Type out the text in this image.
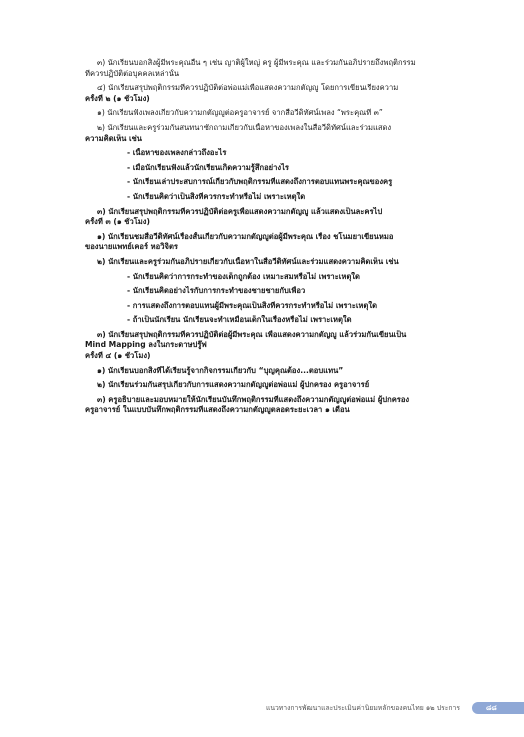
๓) นักเรียนบอกสิ่งผู้มีพระคุณอื่น ๆ เช่น ญาติผู้ใหญ่ ครู ผู้มีพระคุณ และร่วมกันอภิปรายถึงพฤติกรรม

ที่ควรปฏิบัติต่อบุคคลเหล่านั้น

๔) นักเรียนสรุปพฤติกรรมที่ควรปฏิบัติต่อพ่อแม่เพื่อแสดงความกตัญญู โดยการเขียนเรียงความ

ครั้งที่ ๒ (๑ ชั่วโมง)

๑) นักเรียนฟังเพลงเกี่ยวกับความกตัญญูต่อครูอาจารย์ จากสื่อวีดิทัศน์เพลง “พระคุณที่ ๓”

๒) นักเรียนและครูร่วมกันสนทนาซักถามเกี่ยวกับเนื้อหาของเพลงในสื่อวีดิทัศน์และร่วมแสดง

ความคิดเห็น เช่น

- เนื้อหาของเพลงกล่าวถึงอะไร

- เมื่อนักเรียนฟังแล้วนักเรียนเกิดความรู้สึกอย่างไร

- นักเรียนเล่าประสบการณ์เกี่ยวกับพฤติกรรมที่แสดงถึงการตอบแทนพระคุณของครู

- นักเรียนคิดว่าเป็นสิ่งที่ควรกระทำหรือไม่ เพราะเหตุใด

๓) นักเรียนสรุปพฤติกรรมที่ควรปฏิบัติต่อครูเพื่อแสดงความกตัญญู แล้วแสดงเป็นละครไป

ครั้งที่ ๓ (๑ ชั่วโมง)

๑) นักเรียนชมสื่อวีดิทัศน์เรื่องสั้นเกี่ยวกับความกตัญญูต่อผู้มีพระคุณ เรื่อง ชโนมยาเขียนหมอ

ของนายแพทย์เคอร์ หอวิจิตร

๒) นักเรียนและครูร่วมกันอภิปรายเกี่ยวกับเนื้อหาในสื่อวีดิทัศน์และร่วมแสดงความคิดเห็น เช่น

- นักเรียนคิดว่าการกระทำของเด็กถูกต้อง เหมาะสมหรือไม่ เพราะเหตุใด

- นักเรียนคิดอย่างไรกับการกระทำของชายชายกับเพื่อว

- การแสดงถึงการตอบแทนผู้มีพระคุณเป็นสิ่งที่ควรกระทำหรือไม่ เพราะเหตุใด

- ถ้าเป็นนักเรียน นักเรียนจะทำเหมือนเด็กในเรื่องหรือไม่ เพราะเหตุใด

๓) นักเรียนสรุปพฤติกรรมที่ควรปฏิบัติต่อผู้มีพระคุณ เพื่อแสดงความกตัญญู แล้วร่วมกันเขียนเป็น

Mind Mapping ลงในกระดาษปรู๊ฟ

ครั้งที่ ๔ (๑ ชั่วโมง)

๑) นักเรียนบอกสิ่งที่ได้เรียนรู้จากกิจกรรมเกี่ยวกับ “บุญคุณต้อง...ตอบแทน”

๒) นักเรียนร่วมกันสรุปเกี่ยวกับการแสดงความกตัญญูต่อพ่อแม่ ผู้ปกครอง ครูอาจารย์

๓) ครูอธิบายและมอบหมายให้นักเรียนบันทึกพฤติกรรมที่แสดงถึงความกตัญญูต่อพ่อแม่ ผู้ปกครอง

ครูอาจารย์ ในแบบบันทึกพฤติกรรมที่แสดงถึงความกตัญญูตลอดระยะเวลา ๑ เดือน

แนวทางการพัฒนาและประเมินค่านิยมหลักของคนไทย ๑๒ ประการ	๘๘
